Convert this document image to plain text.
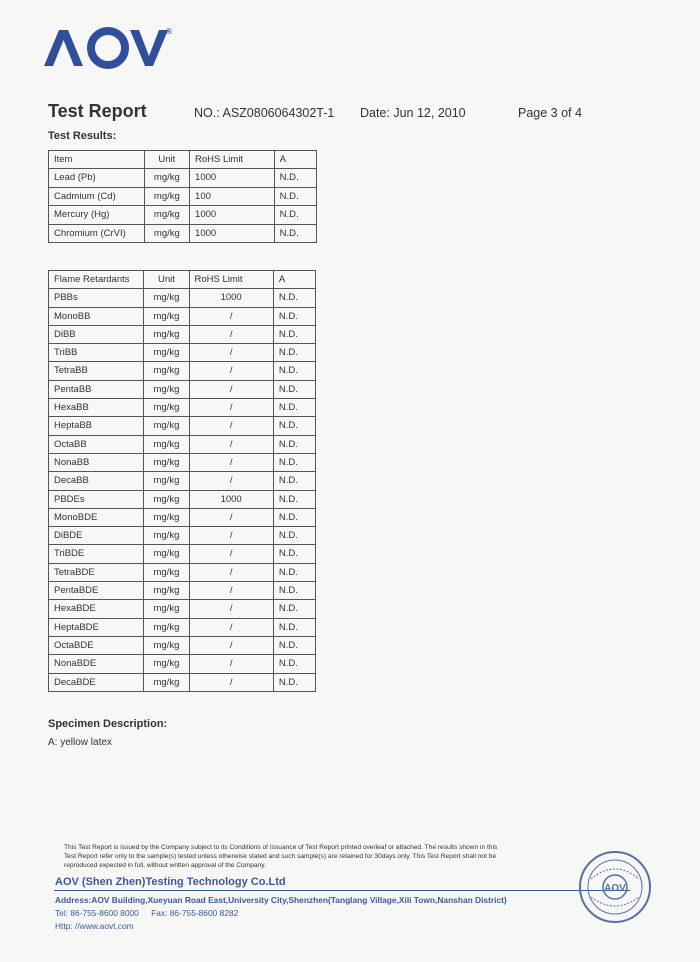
®
Test Report	NO.: ASZ0806064302T-1 Date: Jun 12, 2010	Page 3 of 4
Test Results:
Item	Unit	RoHS Limit	A
Lead (Pb)	mg/kg	1000	N.D.
Cadmium (Cd)	mg/kg	100	N.D.
Mercury (Hg)	mg/kg	1000	N.D.
Chromium (CrVI)	mg/kg	1000	N.D.
Flame Retardants	Unit	RoHS Limit	A
PBBs	mg/kg	1000	N.D.
MonoBB	mg/kg	/	N.D.
DiBB	mg/kg	/	N.D.
TriBB	mg/kg	/	N.D.
TetraBB	mg/kg	/	N.D.
PentaBB	mg/kg	/	N.D.
HexaBB	mg/kg	/	N.D.
HeptaBB	mg/kg	/	N.D.
OctaBB	mg/kg	/	N.D.
NonaBB	mg/kg	/	N.D.
DecaBB	mg/kg	/	N.D.
PBDEs	mg/kg	1000	N.D.
MonoBDE	mg/kg	/	N.D.
DiBDE	mg/kg	/	N.D.
TriBDE	mg/kg	/	N.D.
TetraBDE	mg/kg	/	N.D.
PentaBDE	mg/kg	/	N.D.
HexaBDE	mg/kg	/	N.D.
HeptaBDE	mg/kg	/	N.D.
OctaBDE	mg/kg	/	N.D.
NonaBDE	mg/kg	/	N.D.
DecaBDE	mg/kg	/	N.D.
Specimen Description:
A: yellow latex
This Test Report is issued by the Company subject to its Conditions of Issuance of Test Report printed overleaf or attached. The results shown in this
Test Report refer only to the sample(s) tested unless otherwise stated and such sample(s) are retained for 30days only. This Test Report shall not be
reproduced expected in full, without written approval of the Company.
AOV (Shen Zhen)Testing Technology Co.Ltd
Address:AOV Building,Xueyuan Road East,University City,Shenzhen(Tanglang Village,Xili Town,Nanshan District)
Tel: 86-755-8600 8000 Fax: 86-755-8600 8282
Http: //www.aovt.com
AOV
